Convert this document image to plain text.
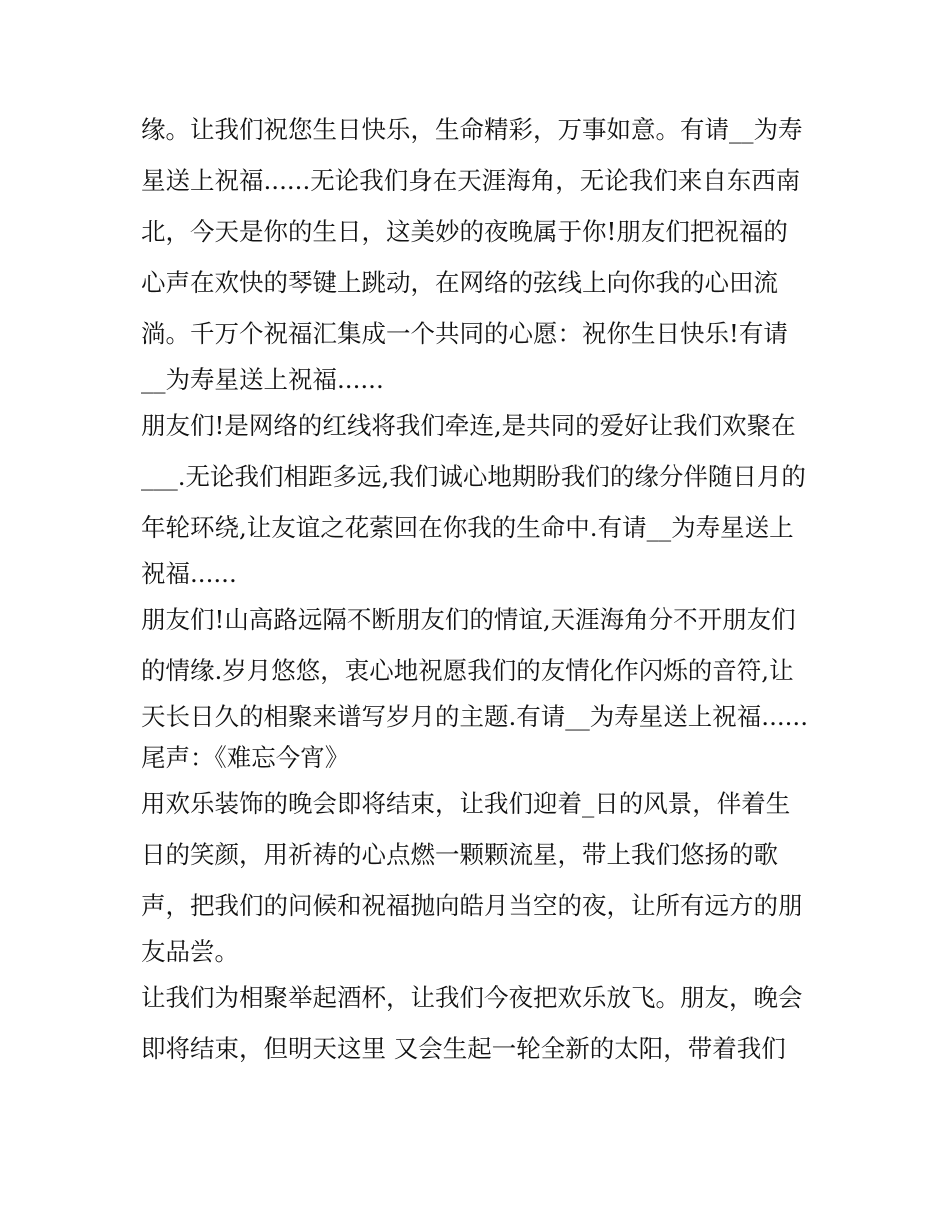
缘。让我们祝您生日快乐，生命精彩，万事如意。有请__为寿
星送上祝福......无论我们身在天涯海角，无论我们来自东西南
北，今天是你的生日，这美妙的夜晚属于你!朋友们把祝福的
心声在欢快的琴键上跳动，在网络的弦线上向你我的心田流
淌。千万个祝福汇集成一个共同的心愿：祝你生日快乐!有请
__为寿星送上祝福......
朋友们!是网络的红线将我们牵连,是共同的爱好让我们欢聚在
___.无论我们相距多远,我们诚心地期盼我们的缘分伴随日月的
年轮环绕,让友谊之花萦回在你我的生命中.有请__为寿星送上
祝福......
朋友们!山高路远隔不断朋友们的情谊,天涯海角分不开朋友们
的情缘.岁月悠悠，衷心地祝愿我们的友情化作闪烁的音符,让
天长日久的相聚来谱写岁月的主题.有请__为寿星送上祝福......
尾声：《难忘今宵》
用欢乐装饰的晚会即将结束，让我们迎着_日的风景，伴着生
日的笑颜，用祈祷的心点燃一颗颗流星，带上我们悠扬的歌
声，把我们的问候和祝福抛向皓月当空的夜，让所有远方的朋
友品尝。
让我们为相聚举起酒杯，让我们今夜把欢乐放飞。朋友，晚会
即将结束，但明天这里 又会生起一轮全新的太阳，带着我们
